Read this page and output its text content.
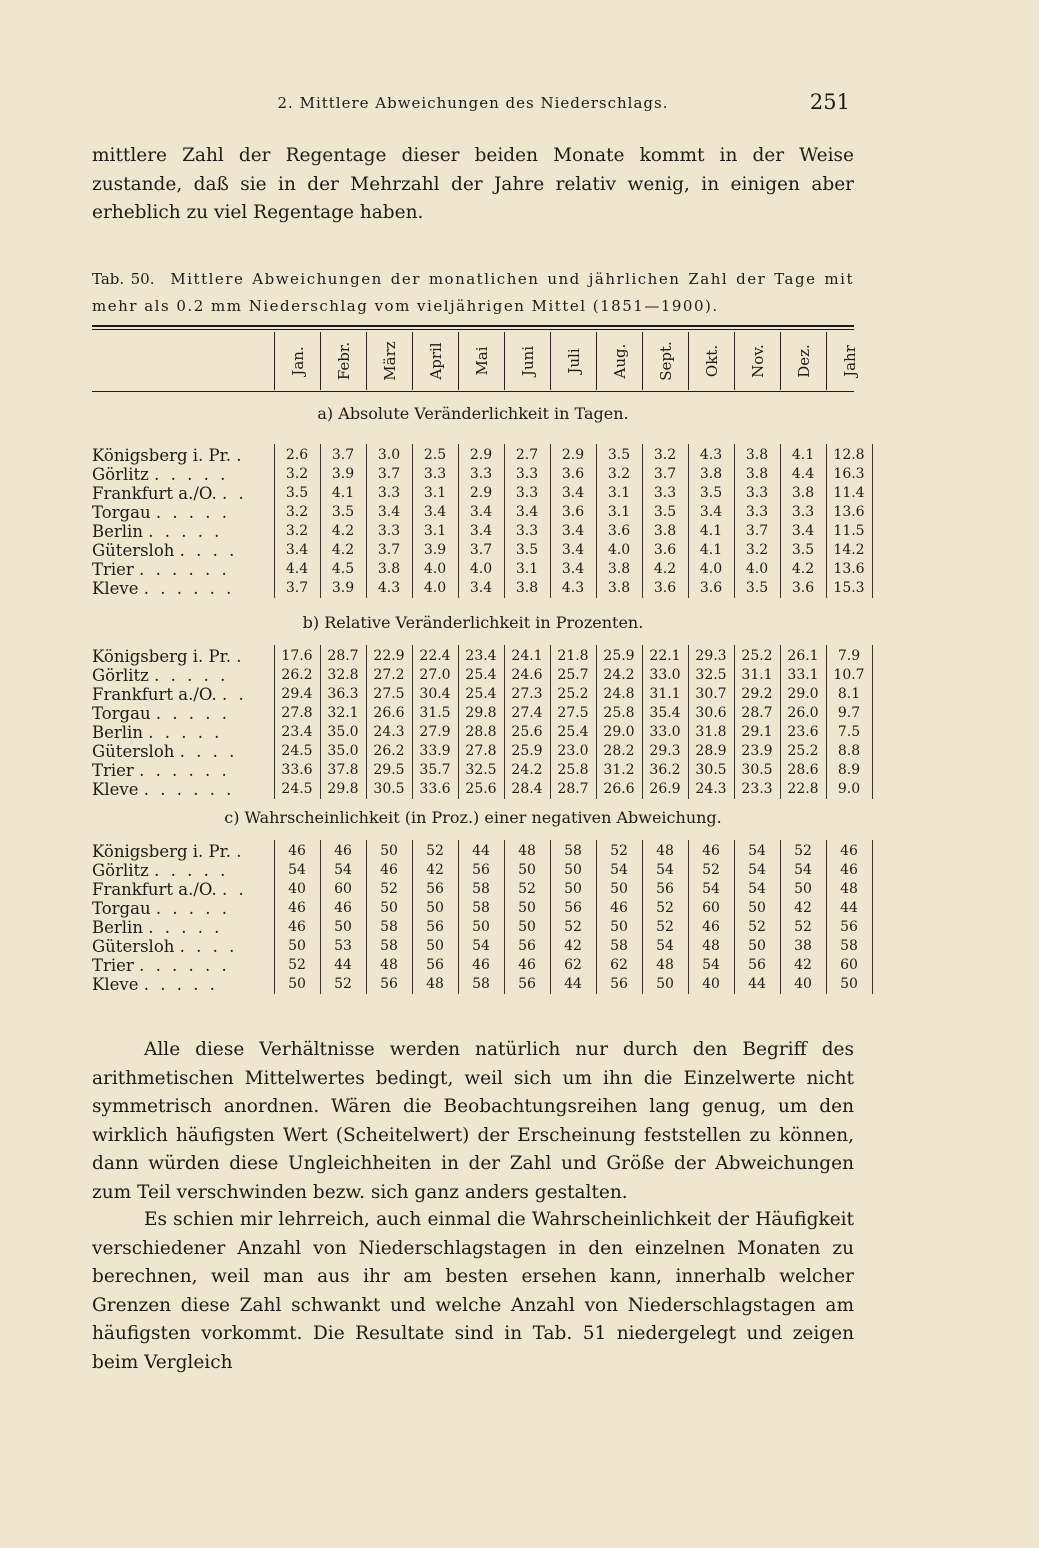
2. Mittlere Abweichungen des Niederschlags.	251

mittlere Zahl der Regentage dieser beiden Monate kommt in der Weise zustande, daß sie in der Mehrzahl der Jahre relativ wenig, in einigen aber erheblich zu viel Regentage haben.

Tab. 50. Mittlere Abweichungen der monatlichen und jährlichen Zahl der Tage mit mehr als 0.2 mm Niederschlag vom vieljährigen Mittel (1851—1900).
Jan. Febr. März April Mai Juni Juli Aug. Sept. Okt. Nov. Dez. Jahr
a) Absolute Veränderlichkeit in Tagen.
Königsberg i. Pr. .	2.6	3.7	3.0	2.5	2.9	2.7	2.9	3.5	3.2	4.3	3.8	4.1	12.8
Görlitz . . . . .	3.2	3.9	3.7	3.3	3.3	3.3	3.6	3.2	3.7	3.8	3.8	4.4	16.3
Frankfurt a./O. . .	3.5	4.1	3.3	3.1	2.9	3.3	3.4	3.1	3.3	3.5	3.3	3.8	11.4
Torgau . . . . .	3.2	3.5	3.4	3.4	3.4	3.4	3.6	3.1	3.5	3.4	3.3	3.3	13.6
Berlin . . . . .	3.2	4.2	3.3	3.1	3.4	3.3	3.4	3.6	3.8	4.1	3.7	3.4	11.5
Gütersloh . . . .	3.4	4.2	3.7	3.9	3.7	3.5	3.4	4.0	3.6	4.1	3.2	3.5	14.2
Trier . . . . . .	4.4	4.5	3.8	4.0	4.0	3.1	3.4	3.8	4.2	4.0	4.0	4.2	13.6
Kleve . . . . . .	3.7	3.9	4.3	4.0	3.4	3.8	4.3	3.8	3.6	3.6	3.5	3.6	15.3
b) Relative Veränderlichkeit in Prozenten.
Königsberg i. Pr. .	17.6	28.7	22.9	22.4	23.4	24.1	21.8	25.9	22.1	29.3	25.2	26.1	7.9
Görlitz . . . . .	26.2	32.8	27.2	27.0	25.4	24.6	25.7	24.2	33.0	32.5	31.1	33.1	10.7
Frankfurt a./O. . .	29.4	36.3	27.5	30.4	25.4	27.3	25.2	24.8	31.1	30.7	29.2	29.0	8.1
Torgau . . . . .	27.8	32.1	26.6	31.5	29.8	27.4	27.5	25.8	35.4	30.6	28.7	26.0	9.7
Berlin . . . . .	23.4	35.0	24.3	27.9	28.8	25.6	25.4	29.0	33.0	31.8	29.1	23.6	7.5
Gütersloh . . . .	24.5	35.0	26.2	33.9	27.8	25.9	23.0	28.2	29.3	28.9	23.9	25.2	8.8
Trier . . . . . .	33.6	37.8	29.5	35.7	32.5	24.2	25.8	31.2	36.2	30.5	30.5	28.6	8.9
Kleve . . . . . .	24.5	29.8	30.5	33.6	25.6	28.4	28.7	26.6	26.9	24.3	23.3	22.8	9.0
c) Wahrscheinlichkeit (in Proz.) einer negativen Abweichung.
Königsberg i. Pr. .	46	46	50	52	44	48	58	52	48	46	54	52	46
Görlitz . . . . .	54	54	46	42	56	50	50	54	54	52	54	54	46
Frankfurt a./O. . .	40	60	52	56	58	52	50	50	56	54	54	50	48
Torgau . . . . .	46	46	50	50	58	50	56	46	52	60	50	42	44
Berlin . . . . .	46	50	58	56	50	50	52	50	52	46	52	52	56
Gütersloh . . . .	50	53	58	50	54	56	42	58	54	48	50	38	58
Trier . . . . . .	52	44	48	56	46	46	62	62	48	54	56	42	60
Kleve . . . . .	50	52	56	48	58	56	44	56	50	40	44	40	50

Alle diese Verhältnisse werden natürlich nur durch den Begriff des arithmetischen Mittelwertes bedingt, weil sich um ihn die Einzelwerte nicht symmetrisch anordnen. Wären die Beobachtungsreihen lang genug, um den wirklich häufigsten Wert (Scheitelwert) der Erscheinung feststellen zu können, dann würden diese Ungleichheiten in der Zahl und Größe der Abweichungen zum Teil verschwinden bezw. sich ganz anders gestalten.

Es schien mir lehrreich, auch einmal die Wahrscheinlichkeit der Häufigkeit verschiedener Anzahl von Niederschlagstagen in den einzelnen Monaten zu berechnen, weil man aus ihr am besten ersehen kann, innerhalb welcher Grenzen diese Zahl schwankt und welche Anzahl von Niederschlagstagen am häufigsten vorkommt. Die Resultate sind in Tab. 51 niedergelegt und zeigen beim Vergleich
